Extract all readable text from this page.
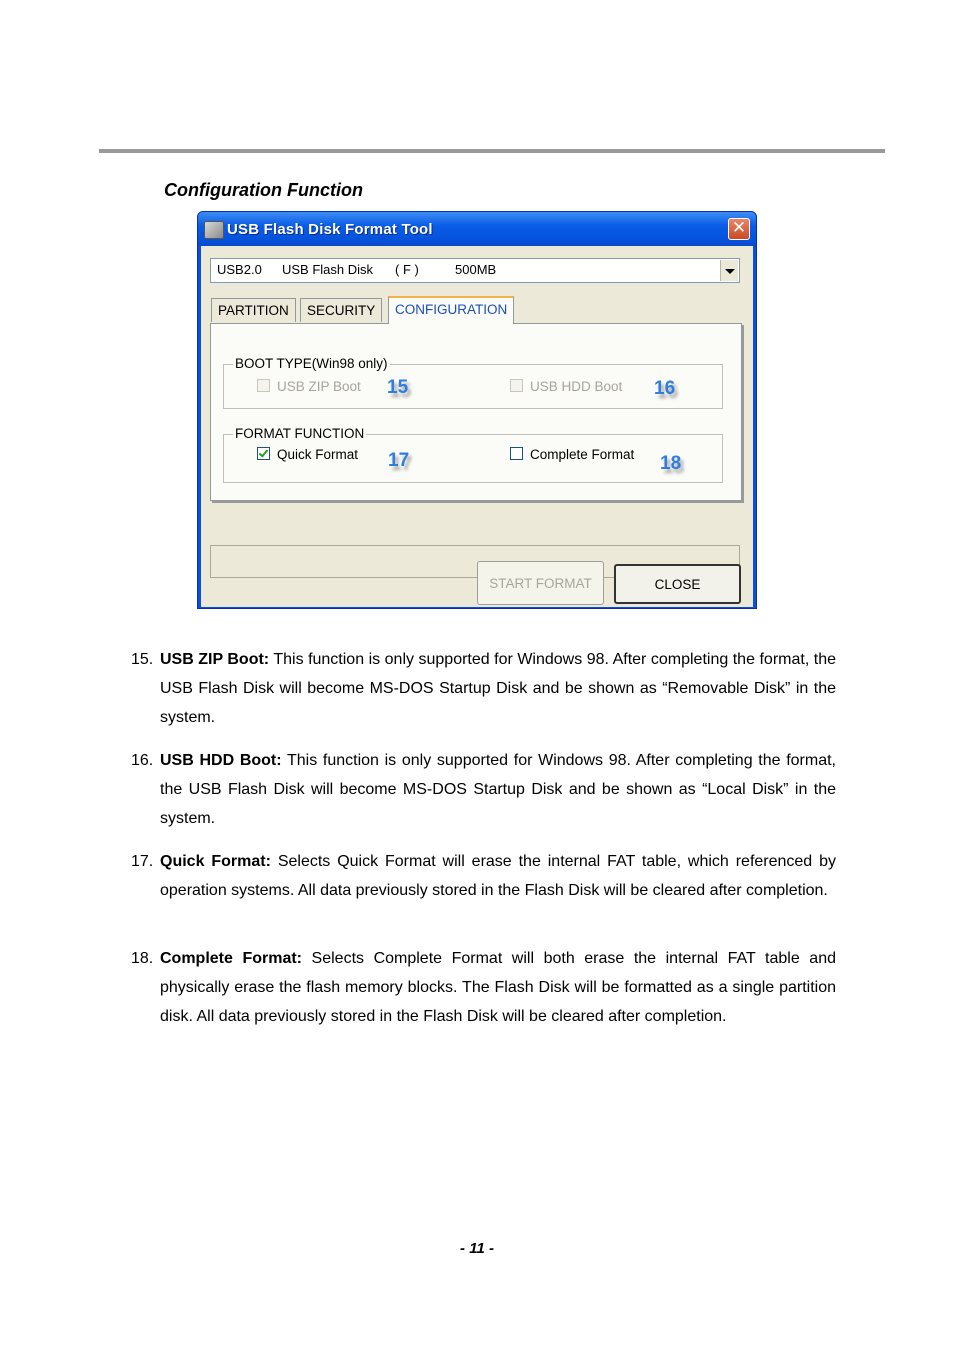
Configuration Function
USB Flash Disk Format Tool	✕
USB2.0 USB Flash Disk ( F )	500MB
PARTITION	SECURITY	CONFIGURATION
BOOT TYPE(Win98 only)
USB ZIP Boot 15	USB HDD Boot 16
FORMAT FUNCTION
Quick Format 17	Complete Format 18
START FORMAT	CLOSE
15. USB ZIP Boot: This function is only supported for Windows 98. After completing the format, the USB Flash Disk will become MS-DOS Startup Disk and be shown as “Removable Disk” in the system.
16. USB HDD Boot: This function is only supported for Windows 98. After completing the format, the USB Flash Disk will become MS-DOS Startup Disk and be shown as “Local Disk” in the system.
17. Quick Format: Selects Quick Format will erase the internal FAT table, which referenced by operation systems. All data previously stored in the Flash Disk will be cleared after completion.
18. Complete Format: Selects Complete Format will both erase the internal FAT table and physically erase the flash memory blocks. The Flash Disk will be formatted as a single partition disk. All data previously stored in the Flash Disk will be cleared after completion.
- 11 -
